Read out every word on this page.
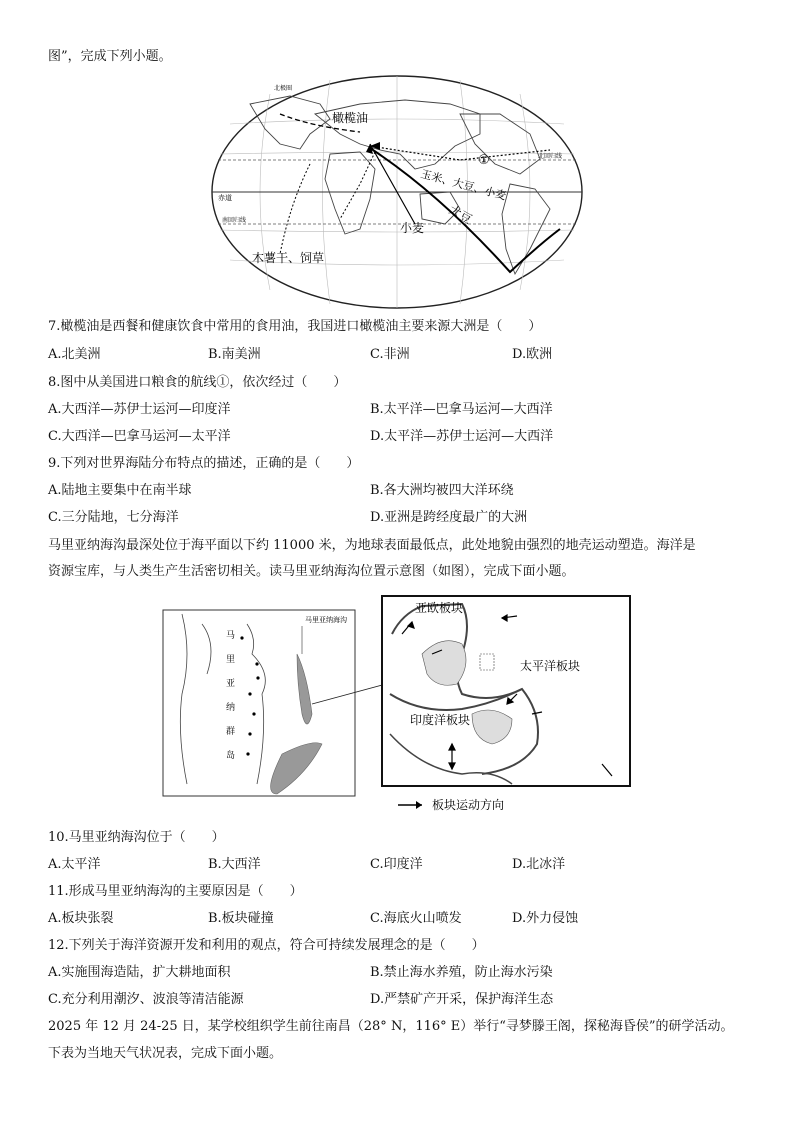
图”，完成下列小题。
橄榄油
①
玉米、大豆、小麦
大豆
小麦
木薯干、饲草
赤道
北回归线
南回归线
北极圈
7.橄榄油是西餐和健康饮食中常用的食用油，我国进口橄榄油主要来源大洲是（　　）
A.北美洲	B.南美洲	C.非洲	D.欧洲
8.图中从美国进口粮食的航线①，依次经过（　　）
A.大西洋—苏伊士运河—印度洋	B.太平洋—巴拿马运河—大西洋
C.大西洋—巴拿马运河—太平洋	D.太平洋—苏伊士运河—大西洋
9.下列对世界海陆分布特点的描述，正确的是（　　）
A.陆地主要集中在南半球	B.各大洲均被四大洋环绕
C.三分陆地，七分海洋	D.亚洲是跨经度最广的大洲
马里亚纳海沟最深处位于海平面以下约 11000 米，为地球表面最低点，此处地貌由强烈的地壳运动塑造。海洋是
资源宝库，与人类生产生活密切相关。读马里亚纳海沟位置示意图（如图），完成下面小题。
马里亚纳海沟
马 里 亚 纳 群 岛
亚欧板块
太平洋板块
印度洋板块
板块运动方向
10.马里亚纳海沟位于（　　）
A.太平洋	B.大西洋	C.印度洋	D.北冰洋
11.形成马里亚纳海沟的主要原因是（　　）
A.板块张裂	B.板块碰撞	C.海底火山喷发	D.外力侵蚀
12.下列关于海洋资源开发和利用的观点，符合可持续发展理念的是（　　）
A.实施围海造陆，扩大耕地面积	B.禁止海水养殖，防止海水污染
C.充分利用潮汐、波浪等清洁能源	D.严禁矿产开采，保护海洋生态
2025 年 12 月 24-25 日，某学校组织学生前往南昌（28° N，116° E）举行“寻梦滕王阁，探秘海昏侯”的研学活动。
下表为当地天气状况表，完成下面小题。
